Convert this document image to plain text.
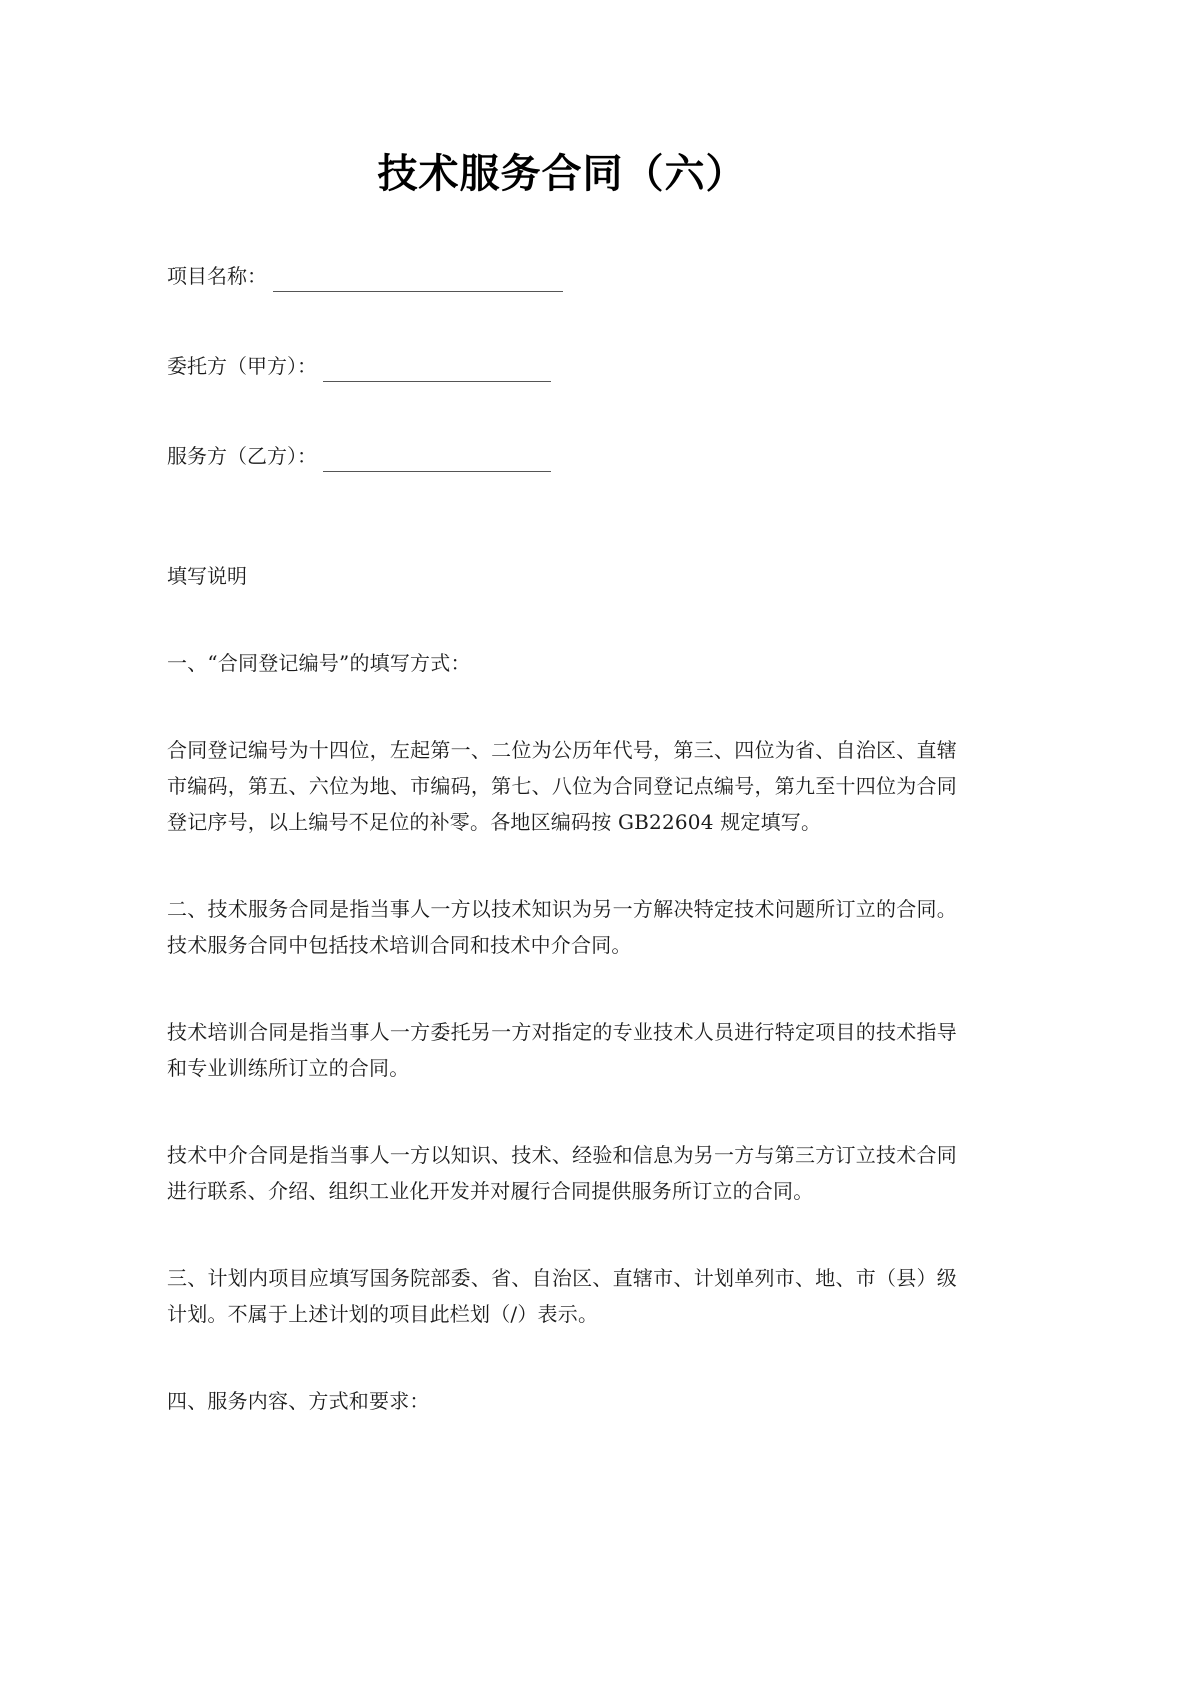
技术服务合同（六）
项目名称：
委托方（甲方）：
服务方（乙方）：

填写说明

一、“合同登记编号”的填写方式：

合同登记编号为十四位，左起第一、二位为公历年代号，第三、四位为省、自治区、直辖市编码，第五、六位为地、市编码，第七、八位为合同登记点编号，第九至十四位为合同登记序号，以上编号不足位的补零。各地区编码按 GB22604 规定填写。

二、技术服务合同是指当事人一方以技术知识为另一方解决特定技术问题所订立的合同。技术服务合同中包括技术培训合同和技术中介合同。

技术培训合同是指当事人一方委托另一方对指定的专业技术人员进行特定项目的技术指导和专业训练所订立的合同。

技术中介合同是指当事人一方以知识、技术、经验和信息为另一方与第三方订立技术合同进行联系、介绍、组织工业化开发并对履行合同提供服务所订立的合同。

三、计划内项目应填写国务院部委、省、自治区、直辖市、计划单列市、地、市（县）级计划。不属于上述计划的项目此栏划（/）表示。

四、服务内容、方式和要求：
